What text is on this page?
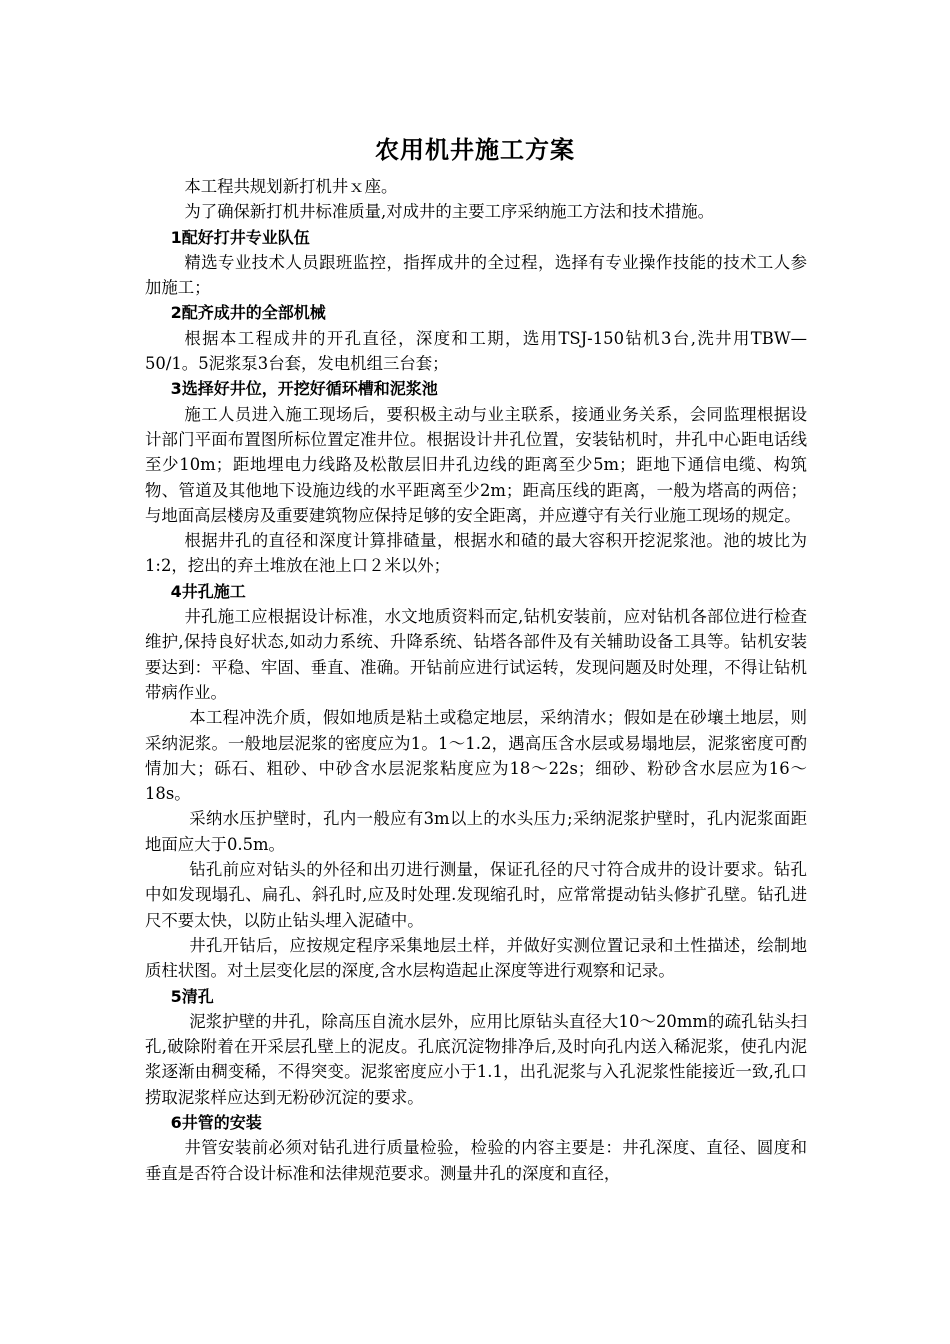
农用机井施工方案

本工程共规划新打机井ｘ座。

为了确保新打机井标准质量,对成井的主要工序采纳施工方法和技术措施。

1配好打井专业队伍

精选专业技术人员跟班监控，指挥成井的全过程，选择有专业操作技能的技术工人参加施工；

2配齐成井的全部机械

根据本工程成井的开孔直径，深度和工期，选用TSJ-150钻机3台,洗井用TBW—50/1。5泥浆泵3台套，发电机组三台套；

3选择好井位，开挖好循环槽和泥浆池

施工人员进入施工现场后，要积极主动与业主联系，接通业务关系，会同监理根据设计部门平面布置图所标位置定准井位。根据设计井孔位置，安装钻机时，井孔中心距电话线至少10m；距地埋电力线路及松散层旧井孔边线的距离至少5m；距地下通信电缆、构筑物、管道及其他地下设施边线的水平距离至少2m；距高压线的距离，一般为塔高的两倍；与地面高层楼房及重要建筑物应保持足够的安全距离，并应遵守有关行业施工现场的规定。

根据井孔的直径和深度计算排碴量，根据水和碴的最大容积开挖泥浆池。池的坡比为1:2，挖出的弃土堆放在池上口２米以外；

4井孔施工

井孔施工应根据设计标准，水文地质资料而定,钻机安装前，应对钻机各部位进行检查维护,保持良好状态,如动力系统、升降系统、钻塔各部件及有关辅助设备工具等。钻机安装要达到：平稳、牢固、垂直、准确。开钻前应进行试运转，发现问题及时处理，不得让钻机带病作业。

本工程冲洗介质，假如地质是粘土或稳定地层，采纳清水；假如是在砂壤土地层，则采纳泥浆。一般地层泥浆的密度应为1。1～1.2，遇高压含水层或易塌地层，泥浆密度可酌情加大；砾石、粗砂、中砂含水层泥浆粘度应为18～22s；细砂、粉砂含水层应为16～18s。

采纳水压护壁时，孔内一般应有3m以上的水头压力;采纳泥浆护壁时，孔内泥浆面距地面应大于0.5m。

钻孔前应对钻头的外径和出刃进行测量，保证孔径的尺寸符合成井的设计要求。钻孔中如发现塌孔、扁孔、斜孔时,应及时处理.发现缩孔时，应常常提动钻头修扩孔壁。钻孔进尺不要太快，以防止钻头埋入泥碴中。

井孔开钻后，应按规定程序采集地层土样，并做好实测位置记录和土性描述，绘制地质柱状图。对土层变化层的深度,含水层构造起止深度等进行观察和记录。

5清孔

泥浆护壁的井孔，除高压自流水层外，应用比原钻头直径大10～20mm的疏孔钻头扫孔,破除附着在开采层孔壁上的泥皮。孔底沉淀物排净后,及时向孔内送入稀泥浆，使孔内泥浆逐渐由稠变稀，不得突变。泥浆密度应小于1.1，出孔泥浆与入孔泥浆性能接近一致,孔口捞取泥浆样应达到无粉砂沉淀的要求。

6井管的安装

井管安装前必须对钻孔进行质量检验，检验的内容主要是：井孔深度、直径、圆度和垂直是否符合设计标准和法律规范要求。测量井孔的深度和直径，
